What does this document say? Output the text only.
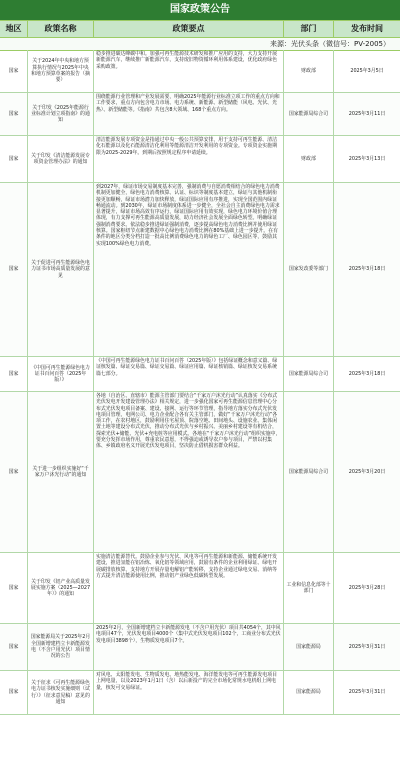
国家政策公告
地区	政策名称	政策要点	部门	发布时间
来源：光伏头条（微信号：PV-2005）
国家
关于2024年中央和地方预算执行情况与2025年中央和地方预算草案的报告（摘要）
稳步推进碳达峰碳中和。加强可再生能源技术研发和推广应用的支持，大力支持开展新能源汽车，继续推广新能源汽车，支持废旧物资循环利用体系建设，优化政府绿色采购政策。
财政部	2025年3月5日
国家
关于印发《2025年能源行业标准计划立项指南》的通知
围绕能源行业管理和产业发展需要，明确2025年能源行业标准立项工作的重点方向和工作要求，重点方向包含电力市场、电力系统、新能源、新型储能（风电、光伏、光热）、新型储能等。《指南》共包含8大领域、168个重点方向。
国家能源局综合司	2025年3月11日
国家
关于印发《清洁能源发展专项资金管理办法》的通知
清洁能源发展专项资金是指通过中央一般公共预算安排，用于支持可再生能源、清洁化石能源以及化石能源清洁化利用等能源清洁开发利用的专项资金。专项资金实施期限为2025-2029年。到期后按照规定程序申请延续。
财政部	2025年3月13日
国家
关于促进可再生能源绿色电力证书市场高质量发展的意见
到2027年，绿证市场交易制度基本完善，强制消费与自愿消费相结合的绿色电力消费机制更加健全，绿色电力消费核算、认证、标识等制度基本建立，绿证与其他机制衔接更加顺畅，绿证市场潜力加快释放，绿证国际应用有序推进，实现全国范围内绿证畅通流动。到2030年，绿证市场制度体系进一步健全，全社会自主消费绿色电力需求显著提升，绿证市场高效有序运行，绿证国际应用有效实现，绿色电力环境价值合理体现，有力支撑可再生能源高质量发展，助力经济社会发展全面绿色转型。明确绿证强制消费要求。依法稳步推进绿证强制消费，逐步提高绿色电力消费比例并使用绿证核算。国家枢纽节点新建数据中心绿色电力消费比例在80%基础上进一步提升。在有条件的地区分类分档打造一批高比例消费绿色电力的绿色工厂、绿色园区等，鼓励其实现100%绿色电力消费。
国家发改委等部门	2025年3月18日
国家
《中国可再生能源绿色电力证书百问百答（2025年版）》
《中国可再生能源绿色电力证书百问百答（2025年版）》包括绿证概念和意义篇、绿证核发篇、绿证交易篇、绿证交易篇、绿证应用篇、绿证核销篇、绿证核发交易系统篇七部分。	国家能源局综合司	2025年3月18日
国家
关于进一步组织实施好“千家万户沐光行动”的通知
各地（自治区、直辖市）能源主管部门要结合“千家万户沐光行动”认真落实《分布式光伏发电开发建设管理办法》相关规定，进一步强化国家可再生能源信息管理中心分布式光伏发电项目备案、建设、接网、运行等环节管理，指导地方落实分布式光伏发电项目管理，电网公司、电力企业配合各有关主管部门，做好“千家万户沐光行动”各项工作，在农村地区，鼓励利用住宅屋顶、院落空地、田间地头、设施农业、集体闲置土地等建设分布式光伏，推动分布式光伏与乡村振兴、美丽乡村建设等有机结合，探索光伏+储能、光伏+充电桩等应用模式。各地在“千家万户沐光行动”组织实施中，要充分发挥市场作用，尊重农民意愿，不得强迫或诱导农户参与项目，严禁以村集体、乡镇政府名义开展光伏发电项目，坚决防止借机损害群众利益。
国家能源局综合司	2025年3月20日
国家
关于印发《铝产业高质量发展实施方案（2025—2027年）》的通知
实施清洁能源替代。鼓励企业参与光伏、风电等可再生能源和新能源、储能系统开发建设，推进氢能在铝冶炼、氧化铝等领域应用，鼓励有条件的企业利用绿证、绿电开展碳排放核算，支持地方开展存量电解铝产能转移，支持企业通过绿电交易、消纳等方式提升清洁能源使用比例，推动铝产业绿色低碳转型发展。
工业和信息化部等十部门
2025年3月28日
国家
国家能源局关于2025年2月全国新增建档立卡新能源发电（不含户用光伏）项目情况的公告
2025年2月，全国新增建档立卡新能源发电（不含户用光伏）项目共4054个，其中风电项目47个，光伏发电项目4000个（集中式光伏发电项目102个，工商业分布式光伏发电项目3898个），生物质发电项目7个。
国家能源局	2025年3月31日
国家
关于征求《可再生能源绿色电力证书核发实施细则（试行）》（征求意见稿）意见的通知
对风电、太阳能发电、生物质发电、地热能发电、海洋能发电等可再生能源发电项目上网电量，以及2023年1月1日（含）以后新投产的完全市场化常规水电机组上网电量，核发可交易绿证。
国家能源局	2025年3月31日
